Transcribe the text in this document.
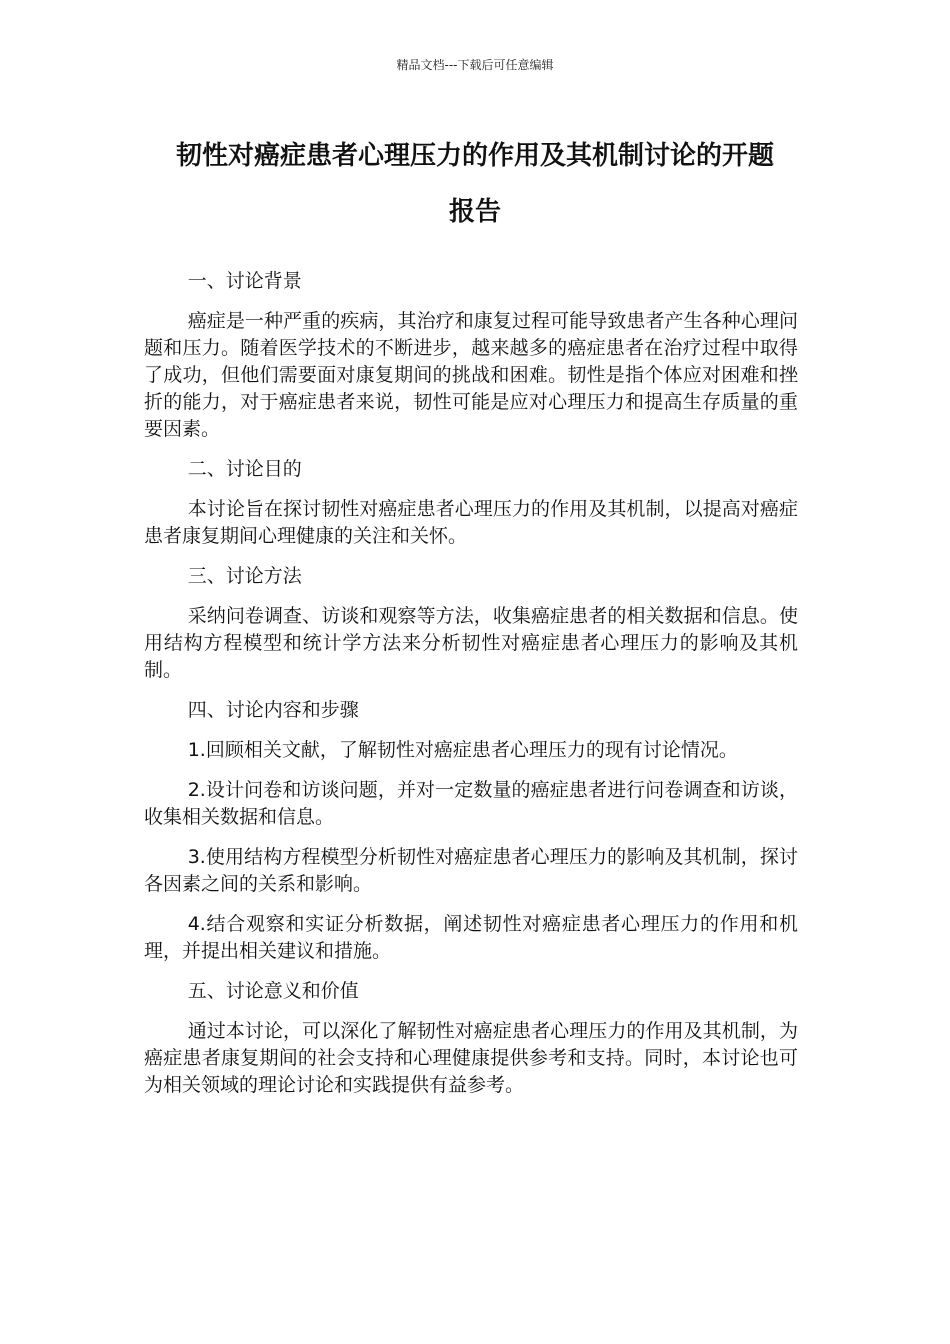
精品文档---下载后可任意编辑
韧性对癌症患者心理压力的作用及其机制讨论的开题
报告

一、讨论背景

癌症是一种严重的疾病，其治疗和康复过程可能导致患者产生各种心理问题和压力。随着医学技术的不断进步，越来越多的癌症患者在治疗过程中取得了成功，但他们需要面对康复期间的挑战和困难。韧性是指个体应对困难和挫折的能力，对于癌症患者来说，韧性可能是应对心理压力和提高生存质量的重要因素。

二、讨论目的

本讨论旨在探讨韧性对癌症患者心理压力的作用及其机制，以提高对癌症患者康复期间心理健康的关注和关怀。

三、讨论方法

采纳问卷调查、访谈和观察等方法，收集癌症患者的相关数据和信息。使用结构方程模型和统计学方法来分析韧性对癌症患者心理压力的影响及其机制。

四、讨论内容和步骤

1.回顾相关文献，了解韧性对癌症患者心理压力的现有讨论情况。

2.设计问卷和访谈问题，并对一定数量的癌症患者进行问卷调查和访谈，收集相关数据和信息。

3.使用结构方程模型分析韧性对癌症患者心理压力的影响及其机制，探讨各因素之间的关系和影响。

4.结合观察和实证分析数据，阐述韧性对癌症患者心理压力的作用和机理，并提出相关建议和措施。

五、讨论意义和价值

通过本讨论，可以深化了解韧性对癌症患者心理压力的作用及其机制，为癌症患者康复期间的社会支持和心理健康提供参考和支持。同时，本讨论也可为相关领域的理论讨论和实践提供有益参考。
